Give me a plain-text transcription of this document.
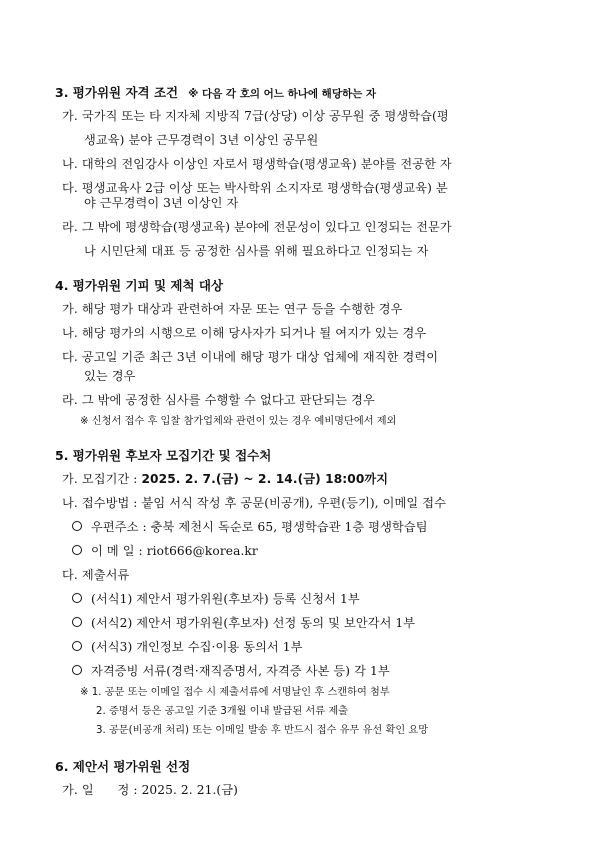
3. 평가위원 자격 조건 ※ 다음 각 호의 어느 하나에 해당하는 자
가. 국가직 또는 타 지자체 지방직 7급(상당) 이상 공무원 중 평생학습(평
생교육) 분야 근무경력이 3년 이상인 공무원
나. 대학의 전임강사 이상인 자로서 평생학습(평생교육) 분야를 전공한 자
다. 평생교육사 2급 이상 또는 박사학위 소지자로 평생학습(평생교육) 분
야 근무경력이 3년 이상인 자
라. 그 밖에 평생학습(평생교육) 분야에 전문성이 있다고 인정되는 전문가
나 시민단체 대표 등 공정한 심사를 위해 필요하다고 인정되는 자
4. 평가위원 기피 및 제척 대상
가. 해당 평가 대상과 관련하여 자문 또는 연구 등을 수행한 경우
나. 해당 평가의 시행으로 이해 당사자가 되거나 될 여지가 있는 경우
다. 공고일 기준 최근 3년 이내에 해당 평가 대상 업체에 재직한 경력이
있는 경우
라. 그 밖에 공정한 심사를 수행할 수 없다고 판단되는 경우
※ 신청서 접수 후 입찰 참가업체와 관련이 있는 경우 예비명단에서 제외
5. 평가위원 후보자 모집기간 및 접수처
가. 모집기간 : 2025. 2. 7.(금) ~ 2. 14.(금) 18:00까지
나. 접수방법 : 붙임 서식 작성 후 공문(비공개), 우편(등기), 이메일 접수
우편주소 : 충북 제천시 독순로 65, 평생학습관 1층 평생학습팀
이 메 일 : riot666@korea.kr
다. 제출서류
(서식1) 제안서 평가위원(후보자) 등록 신청서 1부
(서식2) 제안서 평가위원(후보자) 선정 동의 및 보안각서 1부
(서식3) 개인정보 수집·이용 동의서 1부
자격증빙 서류(경력·재직증명서, 자격증 사본 등) 각 1부
※ 1. 공문 또는 이메일 접수 시 제출서류에 서명날인 후 스캔하여 첨부
2. 증명서 등은 공고일 기준 3개월 이내 발급된 서류 제출
3. 공문(비공개 처리) 또는 이메일 발송 후 반드시 접수 유무 유선 확인 요망
6. 제안서 평가위원 선정
가. 일      정 : 2025. 2. 21.(금)
